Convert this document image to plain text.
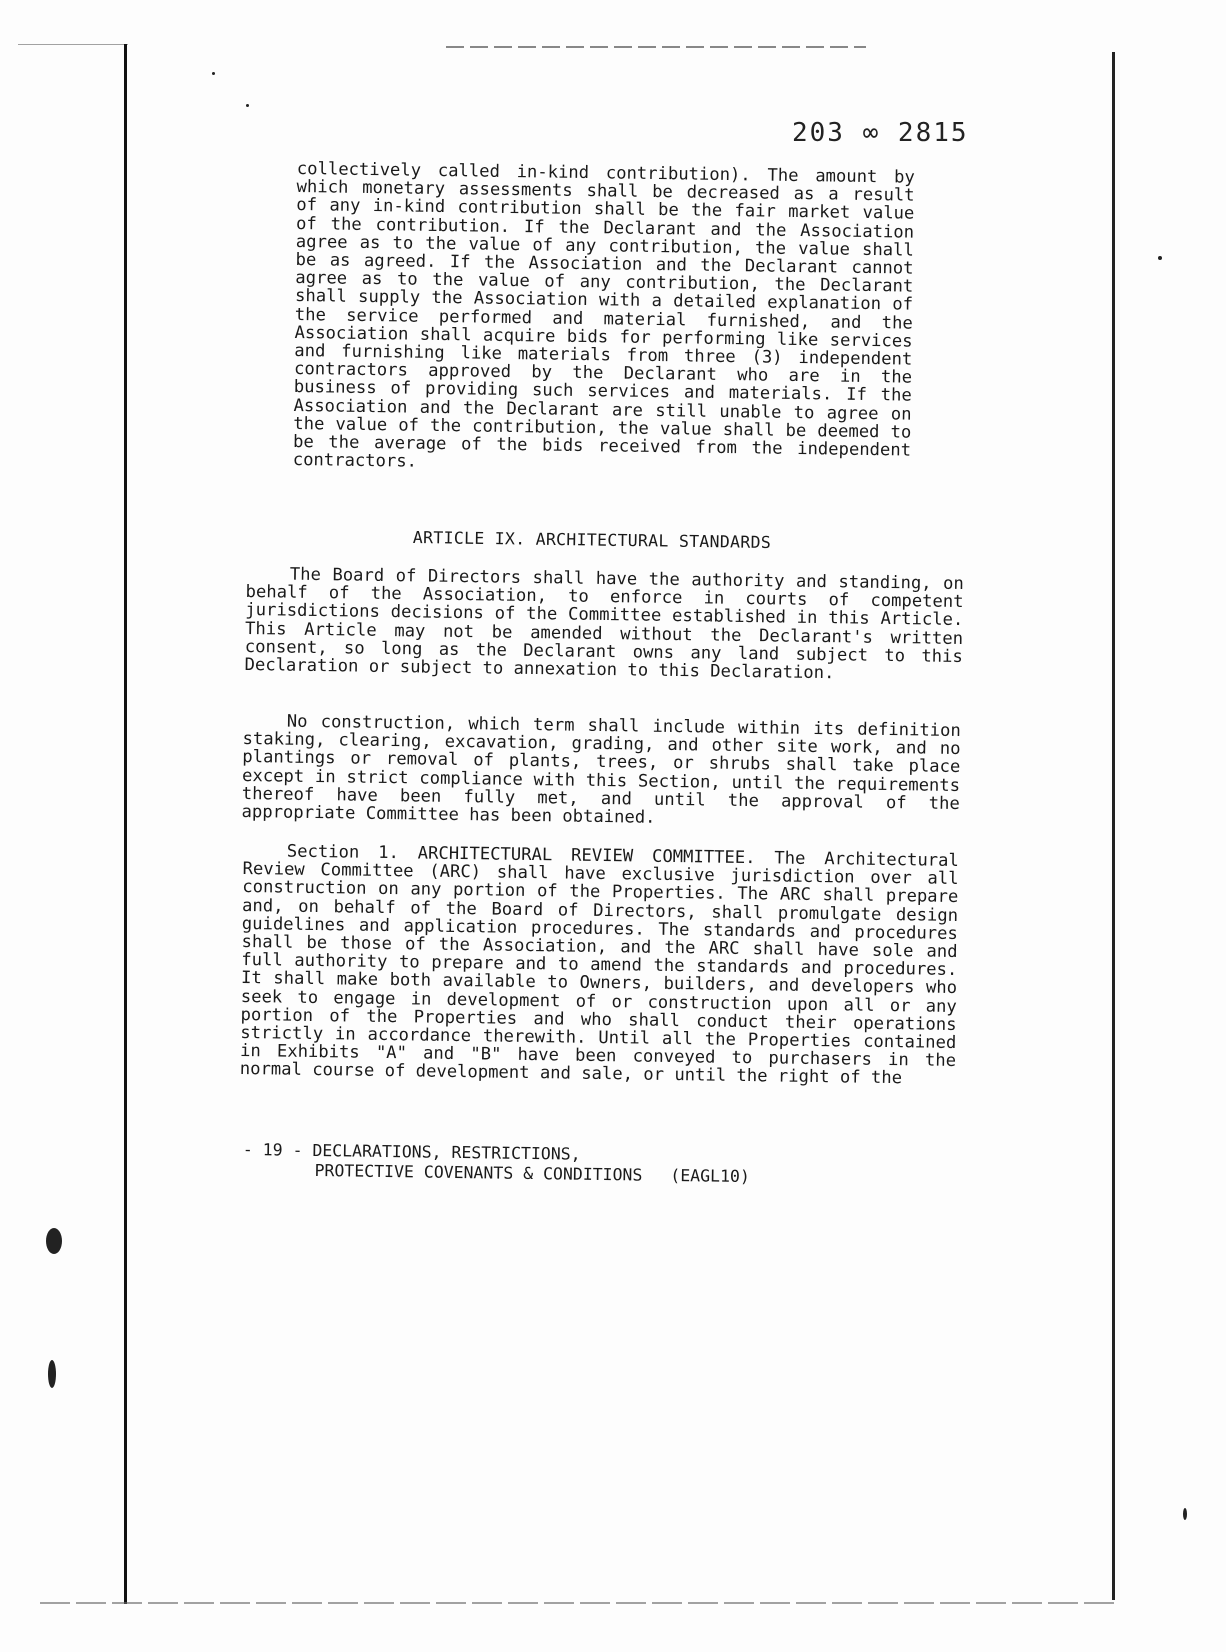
203 ∞ 2815

collectively called in-kind contribution). The amount by which monetary assessments shall be decreased as a result of any in-kind contribution shall be the fair market value of the contribution. If the Declarant and the Association agree as to the value of any contribution, the value shall be as agreed. If the Association and the Declarant cannot agree as to the value of any contribution, the Declarant shall supply the Association with a detailed explanation of the service performed and material furnished, and the Association shall acquire bids for performing like services and furnishing like materials from three (3) independent contractors approved by the Declarant who are in the business of providing such services and materials. If the Association and the Declarant are still unable to agree on the value of the contribution, the value shall be deemed to be the average of the bids received from the independent contractors.

ARTICLE IX. ARCHITECTURAL STANDARDS

The Board of Directors shall have the authority and standing, on behalf of the Association, to enforce in courts of competent jurisdictions decisions of the Committee established in this Article. This Article may not be amended without the Declarant's written consent, so long as the Declarant owns any land subject to this Declaration or subject to annexation to this Declaration.

No construction, which term shall include within its definition staking, clearing, excavation, grading, and other site work, and no plantings or removal of plants, trees, or shrubs shall take place except in strict compliance with this Section, until the requirements thereof have been fully met, and until the approval of the appropriate Committee has been obtained.

Section 1. ARCHITECTURAL REVIEW COMMITTEE. The Architectural Review Committee (ARC) shall have exclusive jurisdiction over all construction on any portion of the Properties. The ARC shall prepare and, on behalf of the Board of Directors, shall promulgate design guidelines and application procedures. The standards and procedures shall be those of the Association, and the ARC shall have sole and full authority to prepare and to amend the standards and procedures. It shall make both available to Owners, builders, and developers who seek to engage in development of or construction upon all or any portion of the Properties and who shall conduct their operations strictly in accordance therewith. Until all the Properties contained in Exhibits "A" and "B" have been conveyed to purchasers in the normal course of development and sale, or until the right of the

- 19 - DECLARATIONS, RESTRICTIONS,
PROTECTIVE COVENANTS & CONDITIONS (EAGL10)
